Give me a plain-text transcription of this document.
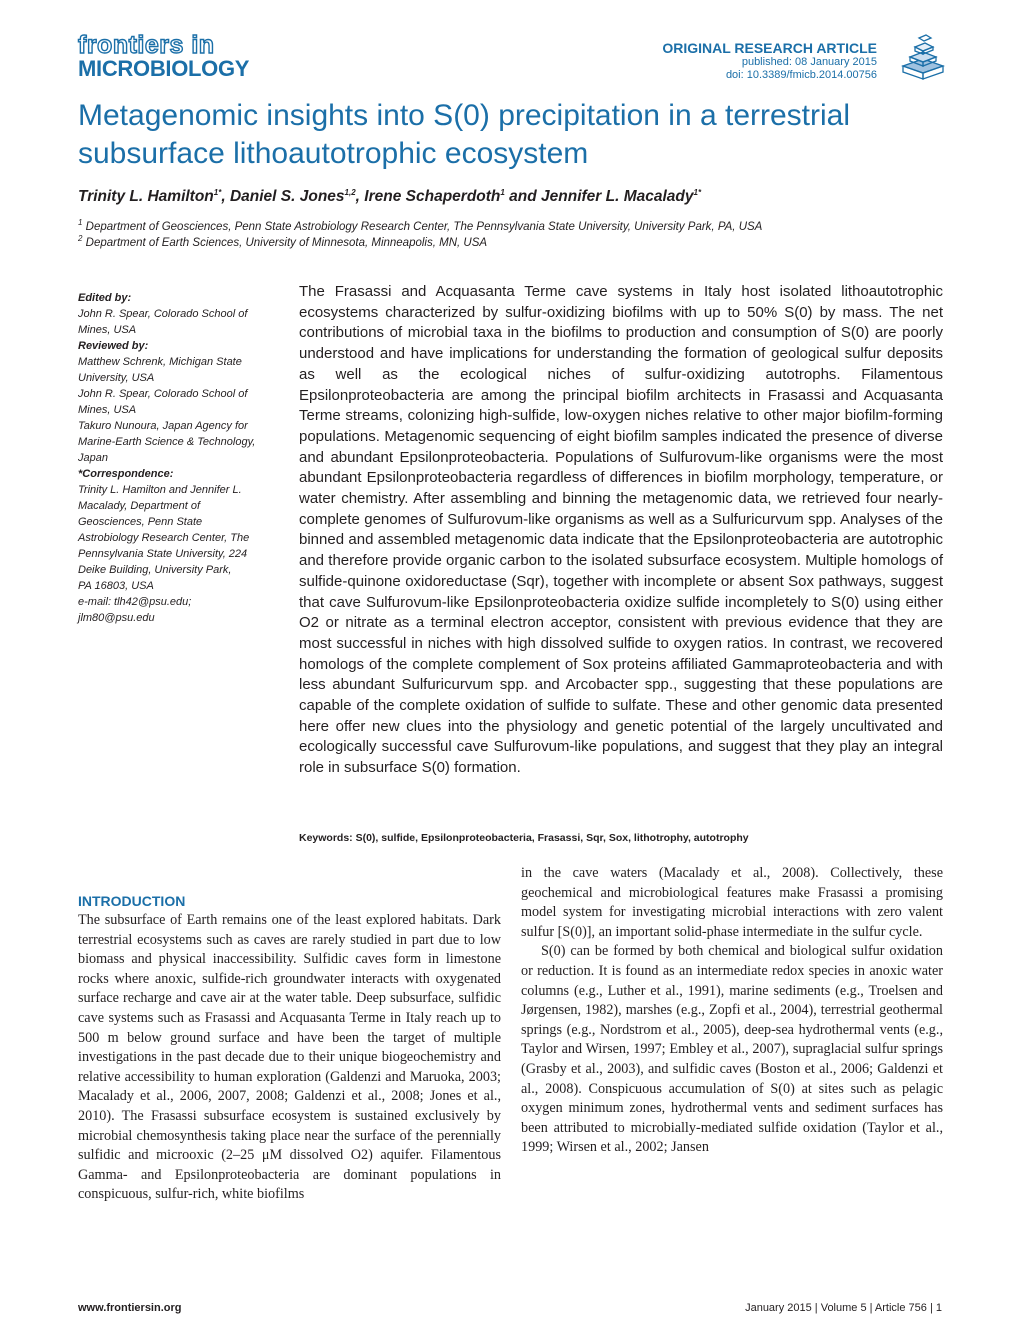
frontiers in
MICROBIOLOGY
ORIGINAL RESEARCH ARTICLE
published: 08 January 2015
doi: 10.3389/fmicb.2014.00756
Metagenomic insights into S(0) precipitation in a terrestrial subsurface lithoautotrophic ecosystem
Trinity L. Hamilton$^{1*}$, Daniel S. Jones$^{1,2}$, Irene Schaperdoth$^1$ and Jennifer L. Macalady$^{1*}$
$^1$ Department of Geosciences, Penn State Astrobiology Research Center, The Pennsylvania State University, University Park, PA, USA
$^2$ Department of Earth Sciences, University of Minnesota, Minneapolis, MN, USA
Edited by:
John R. Spear, Colorado School of
Mines, USA
Reviewed by:
Matthew Schrenk, Michigan State
University, USA
John R. Spear, Colorado School of
Mines, USA
Takuro Nunoura, Japan Agency for
Marine-Earth Science & Technology,
Japan
*Correspondence:
Trinity L. Hamilton and Jennifer L.
Macalady, Department of
Geosciences, Penn State
Astrobiology Research Center, The
Pennsylvania State University, 224
Deike Building, University Park,
PA 16803, USA
e-mail: tlh42@psu.edu;
jlm80@psu.edu
The Frasassi and Acquasanta Terme cave systems in Italy host isolated lithoautotrophic ecosystems characterized by sulfur-oxidizing biofilms with up to 50% S(0) by mass. The net contributions of microbial taxa in the biofilms to production and consumption of S(0) are poorly understood and have implications for understanding the formation of geological sulfur deposits as well as the ecological niches of sulfur-oxidizing autotrophs. Filamentous Epsilonproteobacteria are among the principal biofilm architects in Frasassi and Acquasanta Terme streams, colonizing high-sulfide, low-oxygen niches relative to other major biofilm-forming populations. Metagenomic sequencing of eight biofilm samples indicated the presence of diverse and abundant Epsilonproteobacteria. Populations of Sulfurovum-like organisms were the most abundant Epsilonproteobacteria regardless of differences in biofilm morphology, temperature, or water chemistry. After assembling and binning the metagenomic data, we retrieved four nearly-complete genomes of Sulfurovum-like organisms as well as a Sulfuricurvum spp. Analyses of the binned and assembled metagenomic data indicate that the Epsilonproteobacteria are autotrophic and therefore provide organic carbon to the isolated subsurface ecosystem. Multiple homologs of sulfide-quinone oxidoreductase (Sqr), together with incomplete or absent Sox pathways, suggest that cave Sulfurovum-like Epsilonproteobacteria oxidize sulfide incompletely to S(0) using either O2 or nitrate as a terminal electron acceptor, consistent with previous evidence that they are most successful in niches with high dissolved sulfide to oxygen ratios. In contrast, we recovered homologs of the complete complement of Sox proteins affiliated Gammaproteobacteria and with less abundant Sulfuricurvum spp. and Arcobacter spp., suggesting that these populations are capable of the complete oxidation of sulfide to sulfate. These and other genomic data presented here offer new clues into the physiology and genetic potential of the largely uncultivated and ecologically successful cave Sulfurovum-like populations, and suggest that they play an integral role in subsurface S(0) formation.
Keywords: S(0), sulfide, Epsilonproteobacteria, Frasassi, Sqr, Sox, lithotrophy, autotrophy
INTRODUCTION

The subsurface of Earth remains one of the least explored habitats. Dark terrestrial ecosystems such as caves are rarely studied in part due to low biomass and physical inaccessibility. Sulfidic caves form in limestone rocks where anoxic, sulfide-rich groundwater interacts with oxygenated surface recharge and cave air at the water table. Deep subsurface, sulfidic cave systems such as Frasassi and Acquasanta Terme in Italy reach up to 500 m below ground surface and have been the target of multiple investigations in the past decade due to their unique biogeochemistry and relative accessibility to human exploration (Galdenzi and Maruoka, 2003; Macalady et al., 2006, 2007, 2008; Galdenzi et al., 2008; Jones et al., 2010). The Frasassi subsurface ecosystem is sustained exclusively by microbial chemosynthesis taking place near the surface of the perennially sulfidic and microoxic (2–25 μM dissolved O2) aquifer. Filamentous Gamma- and Epsilonproteobacteria are dominant populations in conspicuous, sulfur-rich, white biofilms

in the cave waters (Macalady et al., 2008). Collectively, these geochemical and microbiological features make Frasassi a promising model system for investigating microbial interactions with zero valent sulfur [S(0)], an important solid-phase intermediate in the sulfur cycle.

S(0) can be formed by both chemical and biological sulfur oxidation or reduction. It is found as an intermediate redox species in anoxic water columns (e.g., Luther et al., 1991), marine sediments (e.g., Troelsen and Jørgensen, 1982), marshes (e.g., Zopfi et al., 2004), terrestrial geothermal springs (e.g., Nordstrom et al., 2005), deep-sea hydrothermal vents (e.g., Taylor and Wirsen, 1997; Embley et al., 2007), supraglacial sulfur springs (Grasby et al., 2003), and sulfidic caves (Boston et al., 2006; Galdenzi et al., 2008). Conspicuous accumulation of S(0) at sites such as pelagic oxygen minimum zones, hydrothermal vents and sediment surfaces has been attributed to microbially-mediated sulfide oxidation (Taylor et al., 1999; Wirsen et al., 2002; Jansen

www.frontiersin.org	January 2015 | Volume 5 | Article 756 | 1
